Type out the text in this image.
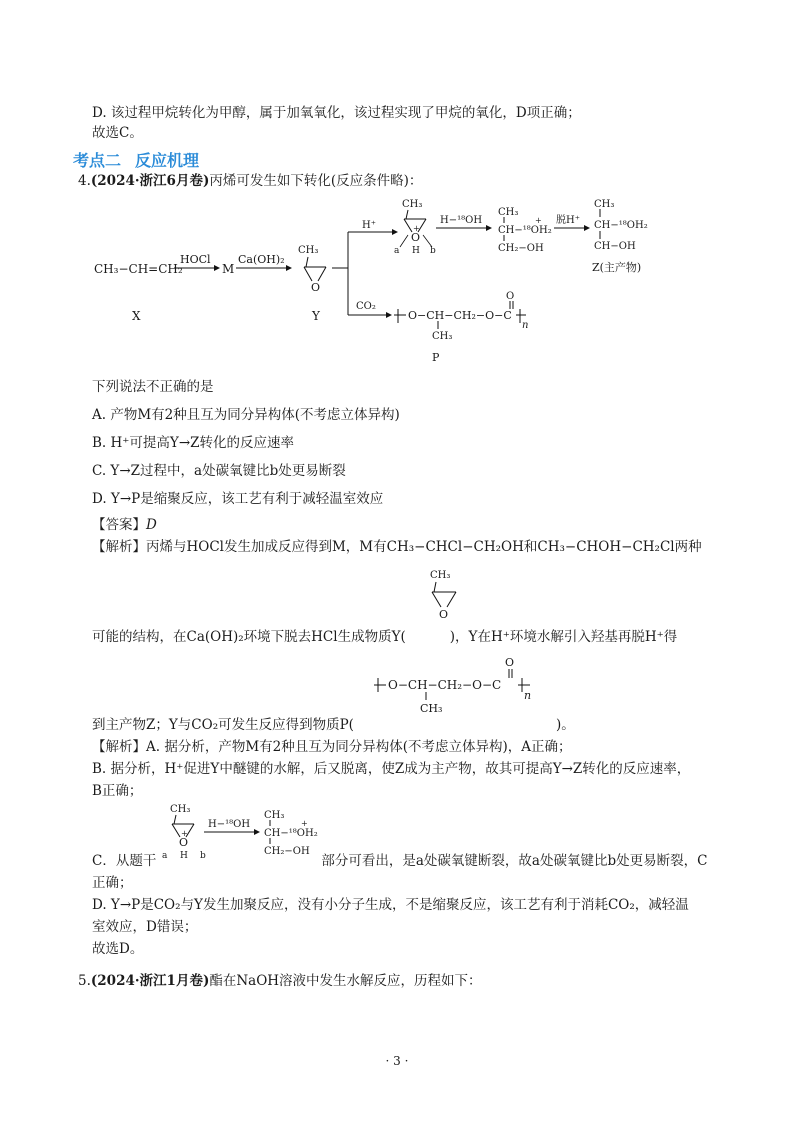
D. 该过程甲烷转化为甲醇，属于加氧氧化，该过程实现了甲烷的氧化，D项正确；
故选C。
考点二 反应机理
4.(2024·浙江6月卷)丙烯可发生如下转化(反应条件略)：
CH₃−CH=CH₂
X
HOCl
M
Ca(OH)₂
CH₃
O
Y
H⁺
CO₂
CH₃
O
+
H
a	b
H−¹⁸OH
CH₃
CH−¹⁸OH₂
+
CH₂−OH
脱H⁺
CH₃
CH−¹⁸OH₂
CH−OH
Z(主产物)
O−CH−CH₂−O−C
O
n
CH₃
P
下列说法不正确的是
A. 产物M有2种且互为同分异构体(不考虑立体异构)
B. H⁺可提高Y→Z转化的反应速率
C. Y→Z过程中，a处碳氧键比b处更易断裂
D. Y→P是缩聚反应，该工艺有利于减轻温室效应
【答案】D
【解析】丙烯与HOCl发生加成反应得到M，M有CH₃−CHCl−CH₂OH和CH₃−CHOH−CH₂Cl两种
CH₃
O
可能的结构，在Ca(OH)₂环境下脱去HCl生成物质Y(	)，Y在H⁺环境水解引入羟基再脱H⁺得
O−CH−CH₂−O−C
O
n
CH₃
到主产物Z；Y与CO₂可发生反应得到物质P(	)。
【解析】A. 据分析，产物M有2种且互为同分异构体(不考虑立体异构)，A正确；
B. 据分析，H⁺促进Y中醚键的水解，后又脱离，使Z成为主产物，故其可提高Y→Z转化的反应速率，
B正确；
CH₃
O
+
H
a	b
H−¹⁸OH
CH₃
CH−¹⁸OH₂
+
CH₂−OH
C．从题干	部分可看出，是a处碳氧键断裂，故a处碳氧键比b处更易断裂，C
正确；
D. Y→P是CO₂与Y发生加聚反应，没有小分子生成，不是缩聚反应，该工艺有利于消耗CO₂，减轻温
室效应，D错误；
故选D。
5.(2024·浙江1月卷)酯在NaOH溶液中发生水解反应，历程如下：
· 3 ·
